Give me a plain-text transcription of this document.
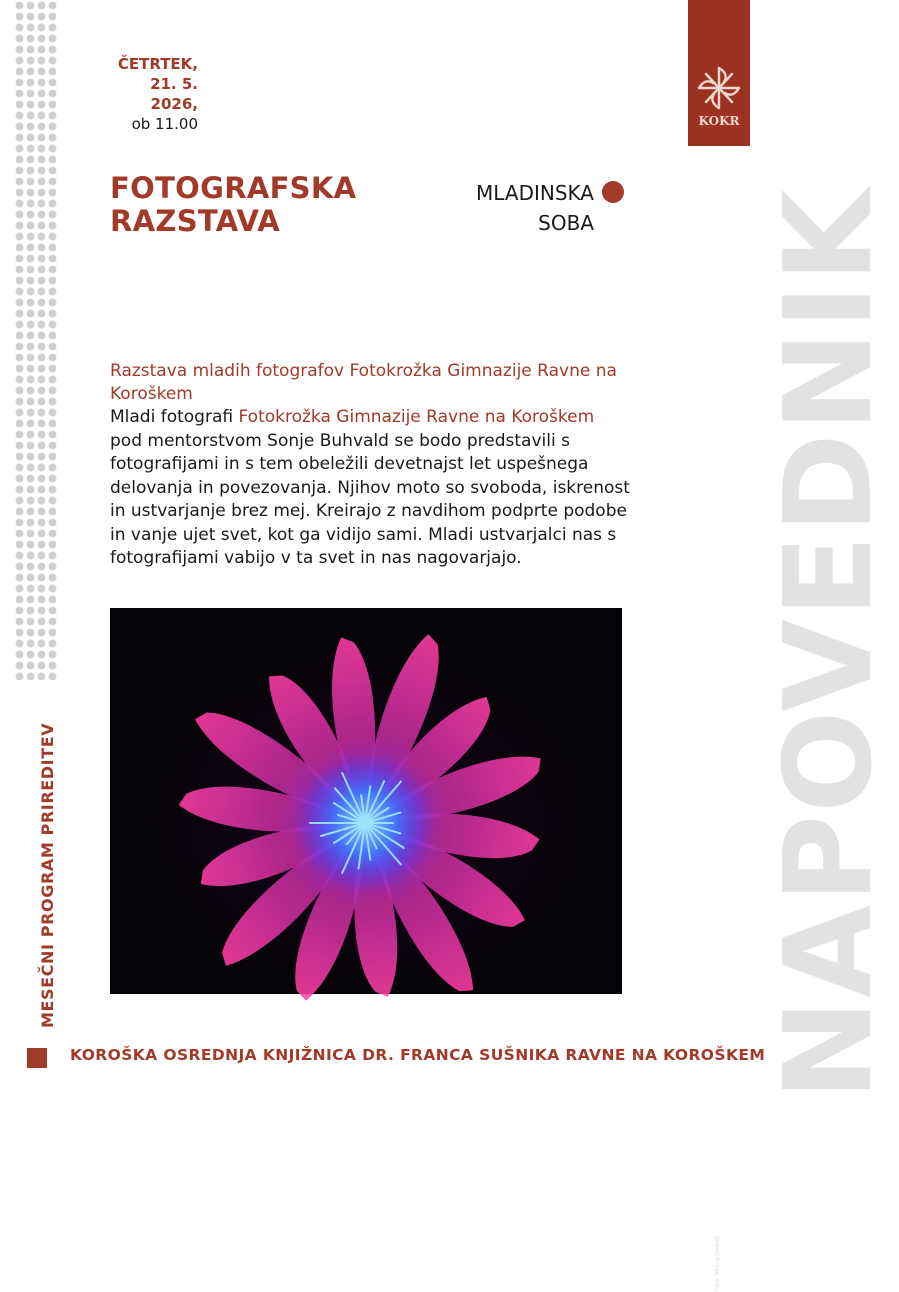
NAPOVEDNIK
KOKR
ČETRTEK,
21. 5. 2026,
ob 11.00
FOTOGRAFSKA
RAZSTAVA
MLADINSKA
SOBA
Razstava mladih fotografov Fotokrožka Gimnazije Ravne na Koroškem
Mladi fotografi Fotokrožka Gimnazije Ravne na Koroškem pod mentorstvom Sonje Buhvald se bodo predstavili s fotografijami in s tem obeležili devetnajst let uspešnega delovanja in povezovanja. Njihov moto so svoboda, iskrenost in ustvarjanje brez mej. Kreirajo z navdihom podprte podobe in vanje ujet svet, kot ga vidijo sami. Mladi ustvarjalci nas s fotografijami vabijo v ta svet in nas nagovarjajo.
Foto: Mojca Domej
MESEČNI PROGRAM PRIREDITEV
KOROŠKA OSREDNJA KNJIŽNICA DR. FRANCA SUŠNIKA RAVNE NA KOROŠKEM
